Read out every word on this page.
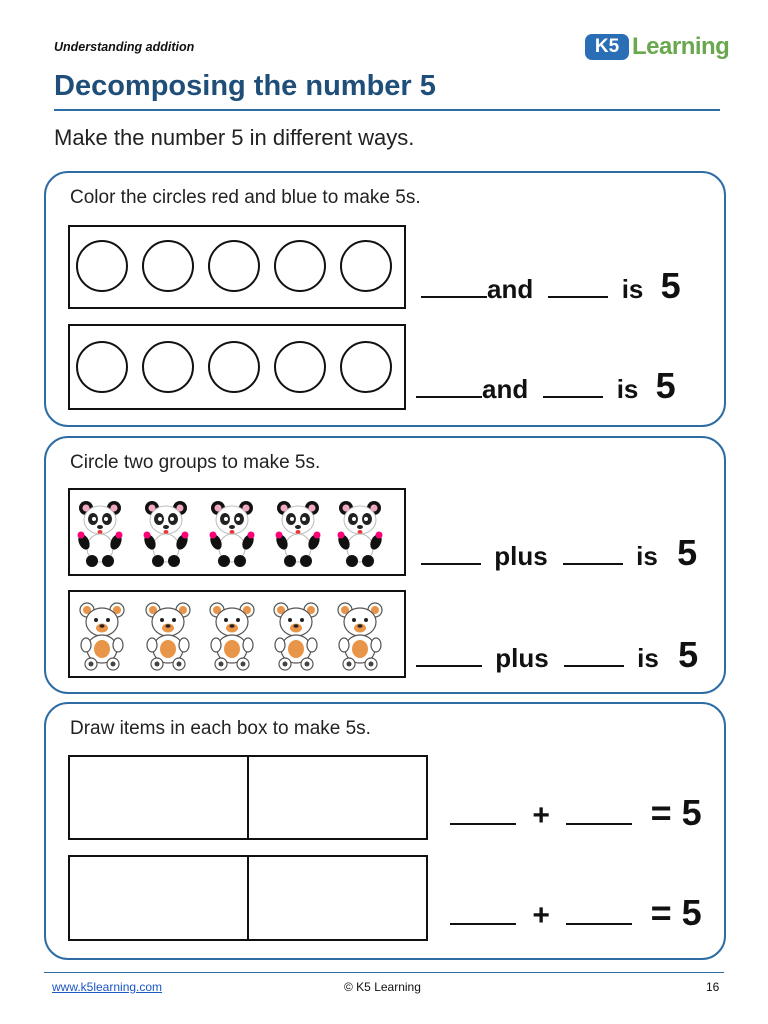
Understanding addition	K5 Learning
Decomposing the number 5
Make the number 5 in different ways.
Color the circles red and blue to make 5s.
and	is 5
and	is 5
Circle two groups to make 5s.
plus	is 5
plus	is 5
Draw items in each box to make 5s.
+	= 5
+	= 5
www.k5learning.com	© K5 Learning	16
